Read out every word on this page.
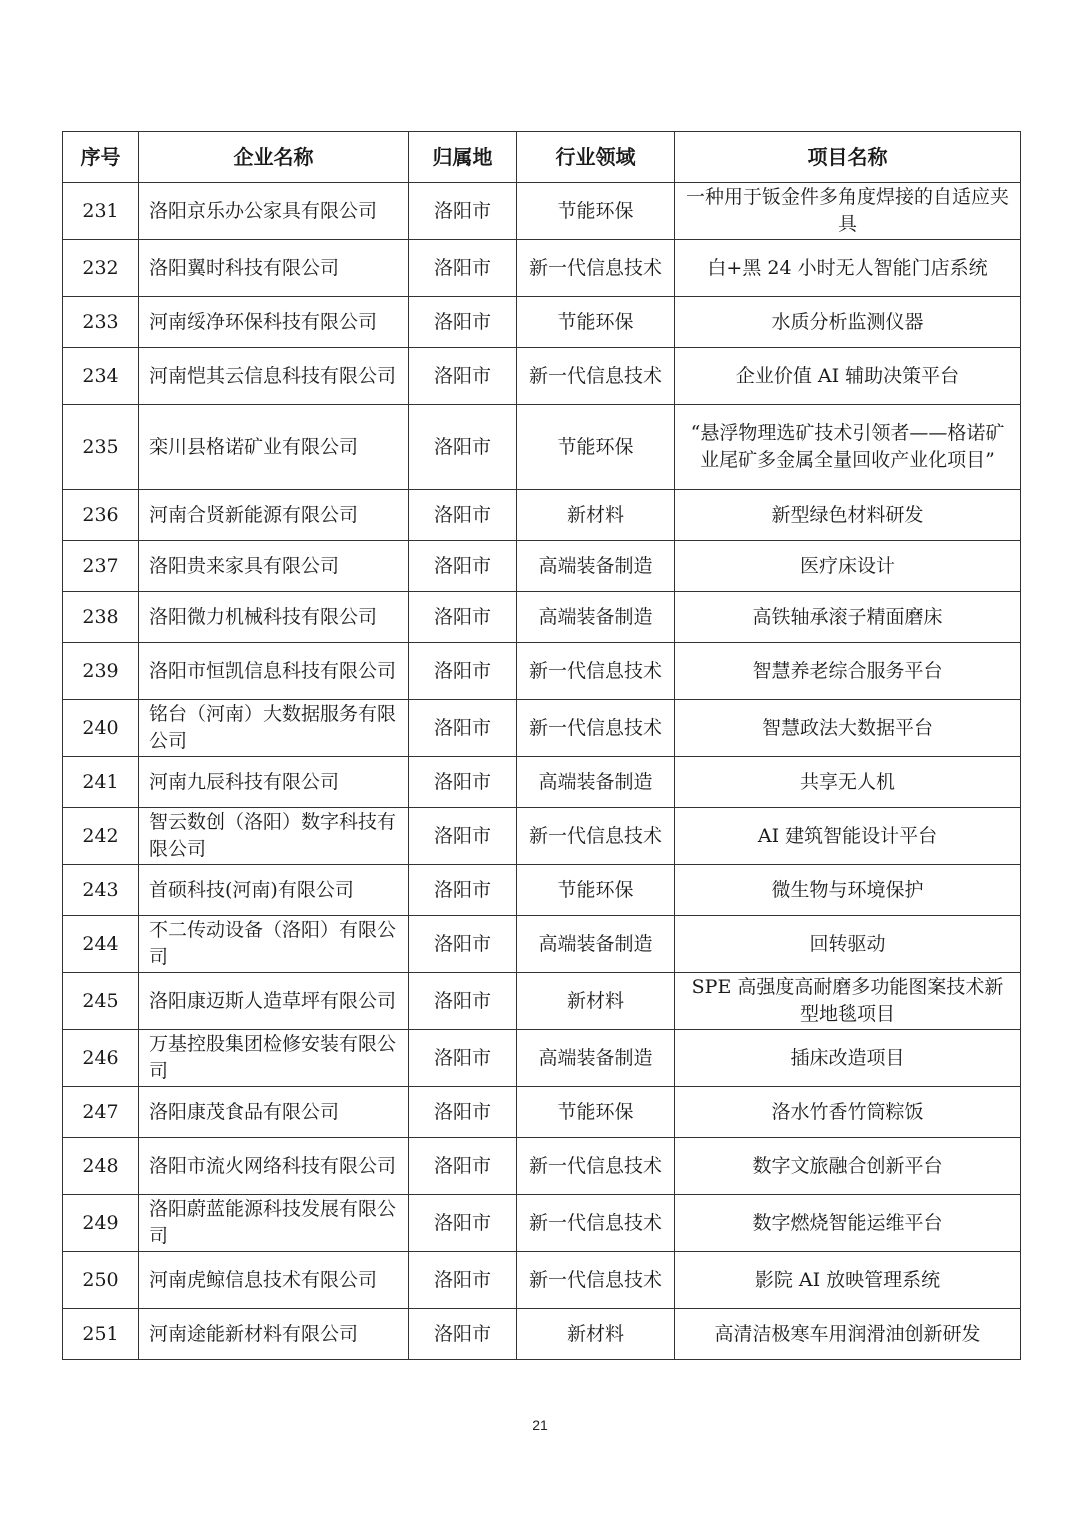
序号	企业名称	归属地	行业领域	项目名称
231	洛阳京乐办公家具有限公司	洛阳市	节能环保	一种用于钣金件多角度焊接的自适应夹具
232	洛阳翼时科技有限公司	洛阳市	新一代信息技术	白+黑 24 小时无人智能门店系统
233	河南绥净环保科技有限公司	洛阳市	节能环保	水质分析监测仪器
234	河南恺其云信息科技有限公司	洛阳市	新一代信息技术	企业价值 AI 辅助决策平台
235	栾川县格诺矿业有限公司	洛阳市	节能环保	“悬浮物理选矿技术引领者——格诺矿业尾矿多金属全量回收产业化项目”
236	河南合贤新能源有限公司	洛阳市	新材料	新型绿色材料研发
237	洛阳贵来家具有限公司	洛阳市	高端装备制造	医疗床设计
238	洛阳微力机械科技有限公司	洛阳市	高端装备制造	高铁轴承滚子精面磨床
239	洛阳市恒凯信息科技有限公司	洛阳市	新一代信息技术	智慧养老综合服务平台
240	铭台（河南）大数据服务有限公司	洛阳市	新一代信息技术	智慧政法大数据平台
241	河南九辰科技有限公司	洛阳市	高端装备制造	共享无人机
242	智云数创（洛阳）数字科技有限公司	洛阳市	新一代信息技术	AI 建筑智能设计平台
243	首硕科技(河南)有限公司	洛阳市	节能环保	微生物与环境保护
244	不二传动设备（洛阳）有限公司	洛阳市	高端装备制造	回转驱动
245	洛阳康迈斯人造草坪有限公司	洛阳市	新材料	SPE 高强度高耐磨多功能图案技术新型地毯项目
246	万基控股集团检修安装有限公司	洛阳市	高端装备制造	插床改造项目
247	洛阳康茂食品有限公司	洛阳市	节能环保	洛水竹香竹筒粽饭
248	洛阳市流火网络科技有限公司	洛阳市	新一代信息技术	数字文旅融合创新平台
249	洛阳蔚蓝能源科技发展有限公司	洛阳市	新一代信息技术	数字燃烧智能运维平台
250	河南虎鲸信息技术有限公司	洛阳市	新一代信息技术	影院 AI 放映管理系统
251	河南途能新材料有限公司	洛阳市	新材料	高清洁极寒车用润滑油创新研发
21
